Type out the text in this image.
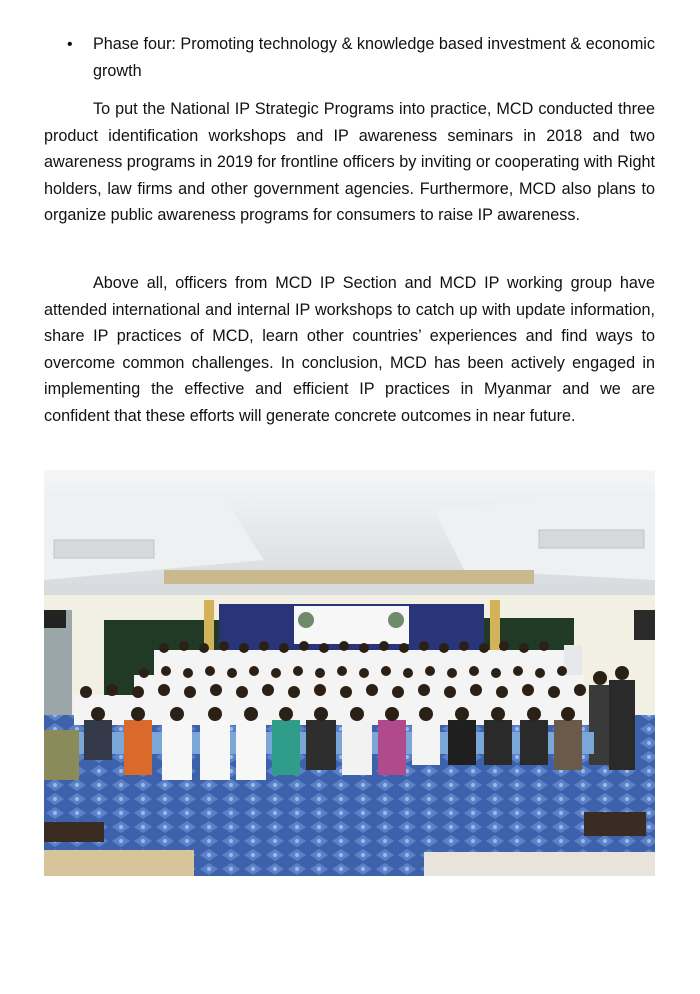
• Phase four: Promoting technology & knowledge based investment & economic growth

To put the National IP Strategic Programs into practice, MCD conducted three product identification workshops and IP awareness seminars in 2018 and two awareness programs in 2019 for frontline officers by inviting or cooperating with Right holders, law firms and other government agencies. Furthermore, MCD also plans to organize public awareness programs for consumers to raise IP awareness.

Above all, officers from MCD IP Section and MCD IP working group have attended international and internal IP workshops to catch up with update information, share IP practices of MCD, learn other countries’ experiences and find ways to overcome common challenges. In conclusion, MCD has been actively engaged in implementing the effective and efficient IP practices in Myanmar and we are confident that these efforts will generate concrete outcomes in near future.
